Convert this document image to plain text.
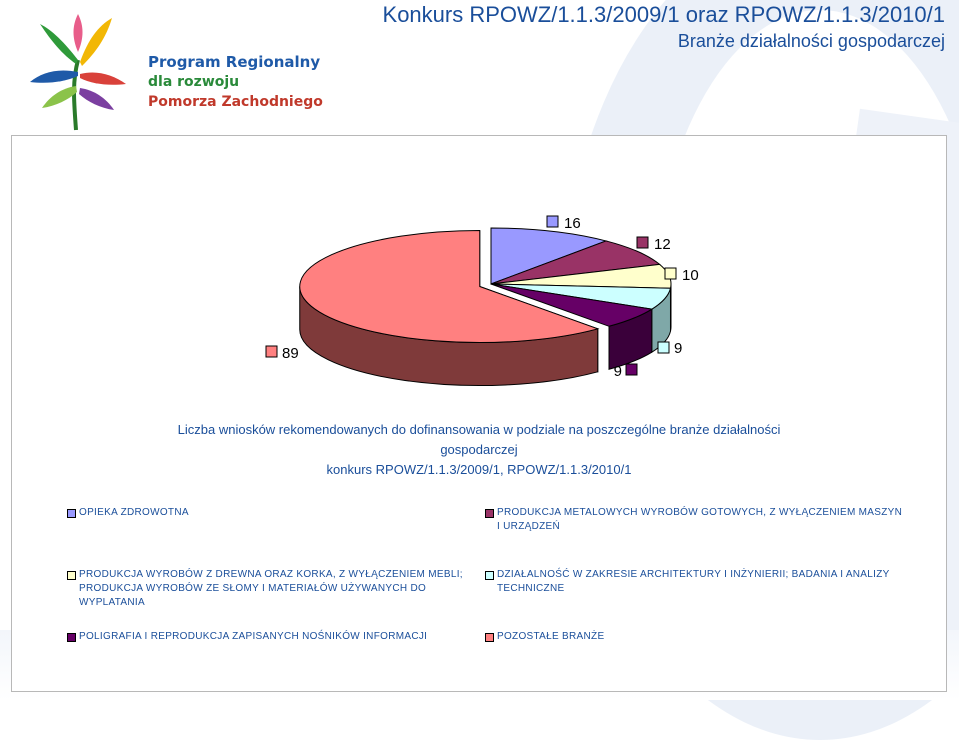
Program Regionalny
dla rozwoju
Pomorza Zachodniego
Konkurs RPOWZ/1.1.3/2009/1 oraz RPOWZ/1.1.3/2010/1
Branże działalności gospodarczej
16
12
10
9
9
89
OPIEKA ZDROWOTNA	PRODUKCJA METALOWYCH WYROBÓW GOTOWYCH, Z WYŁĄCZENIEM MASZYN I URZĄDZEŃ
PRODUKCJA WYROBÓW Z DREWNA ORAZ KORKA, Z WYŁĄCZENIEM MEBLI; PRODUKCJA WYROBÓW ZE SŁOMY I MATERIAŁÓW UŻYWANYCH DO WYPLATANIA
DZIAŁALNOŚĆ W ZAKRESIE ARCHITEKTURY I INŻYNIERII; BADANIA I ANALIZY TECHNICZNE
POLIGRAFIA I REPRODUKCJA ZAPISANYCH NOŚNIKÓW INFORMACJI	POZOSTAŁE BRANŻE
Liczba wniosków rekomendowanych do dofinansowania w podziale na poszczególne branże działalności
gospodarczej
konkurs RPOWZ/1.1.3/2009/1, RPOWZ/1.1.3/2010/1
